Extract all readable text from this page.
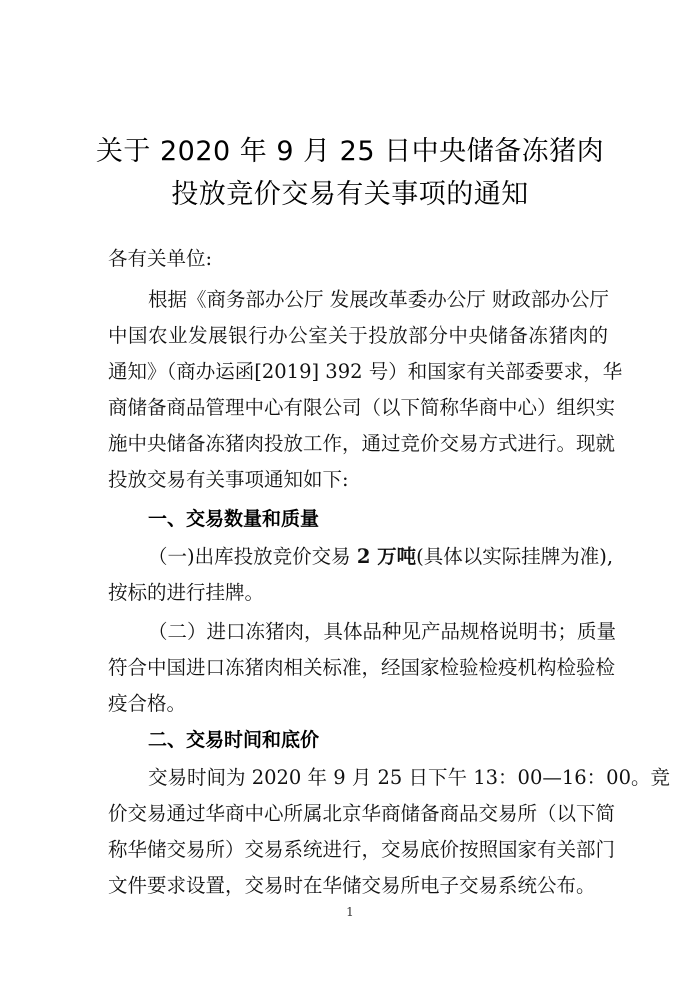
关于 2020 年 9 月 25 日中央储备冻猪肉
投放竞价交易有关事项的通知
各有关单位:
根据《商务部办公厅 发展改革委办公厅 财政部办公厅
中国农业发展银行办公室关于投放部分中央储备冻猪肉的
通知》（商办运函[2019] 392 号）和国家有关部委要求，华
商储备商品管理中心有限公司（以下简称华商中心）组织实
施中央储备冻猪肉投放工作，通过竞价交易方式进行。现就
投放交易有关事项通知如下:
一、交易数量和质量
（一)出库投放竞价交易 2 万吨(具体以实际挂牌为准),
按标的进行挂牌。
（二）进口冻猪肉，具体品种见产品规格说明书；质量
符合中国进口冻猪肉相关标准，经国家检验检疫机构检验检
疫合格。
二、交易时间和底价
交易时间为 2020 年 9 月 25 日下午 13：00—16：00。竞
价交易通过华商中心所属北京华商储备商品交易所（以下简
称华储交易所）交易系统进行，交易底价按照国家有关部门
文件要求设置，交易时在华储交易所电子交易系统公布。
1
